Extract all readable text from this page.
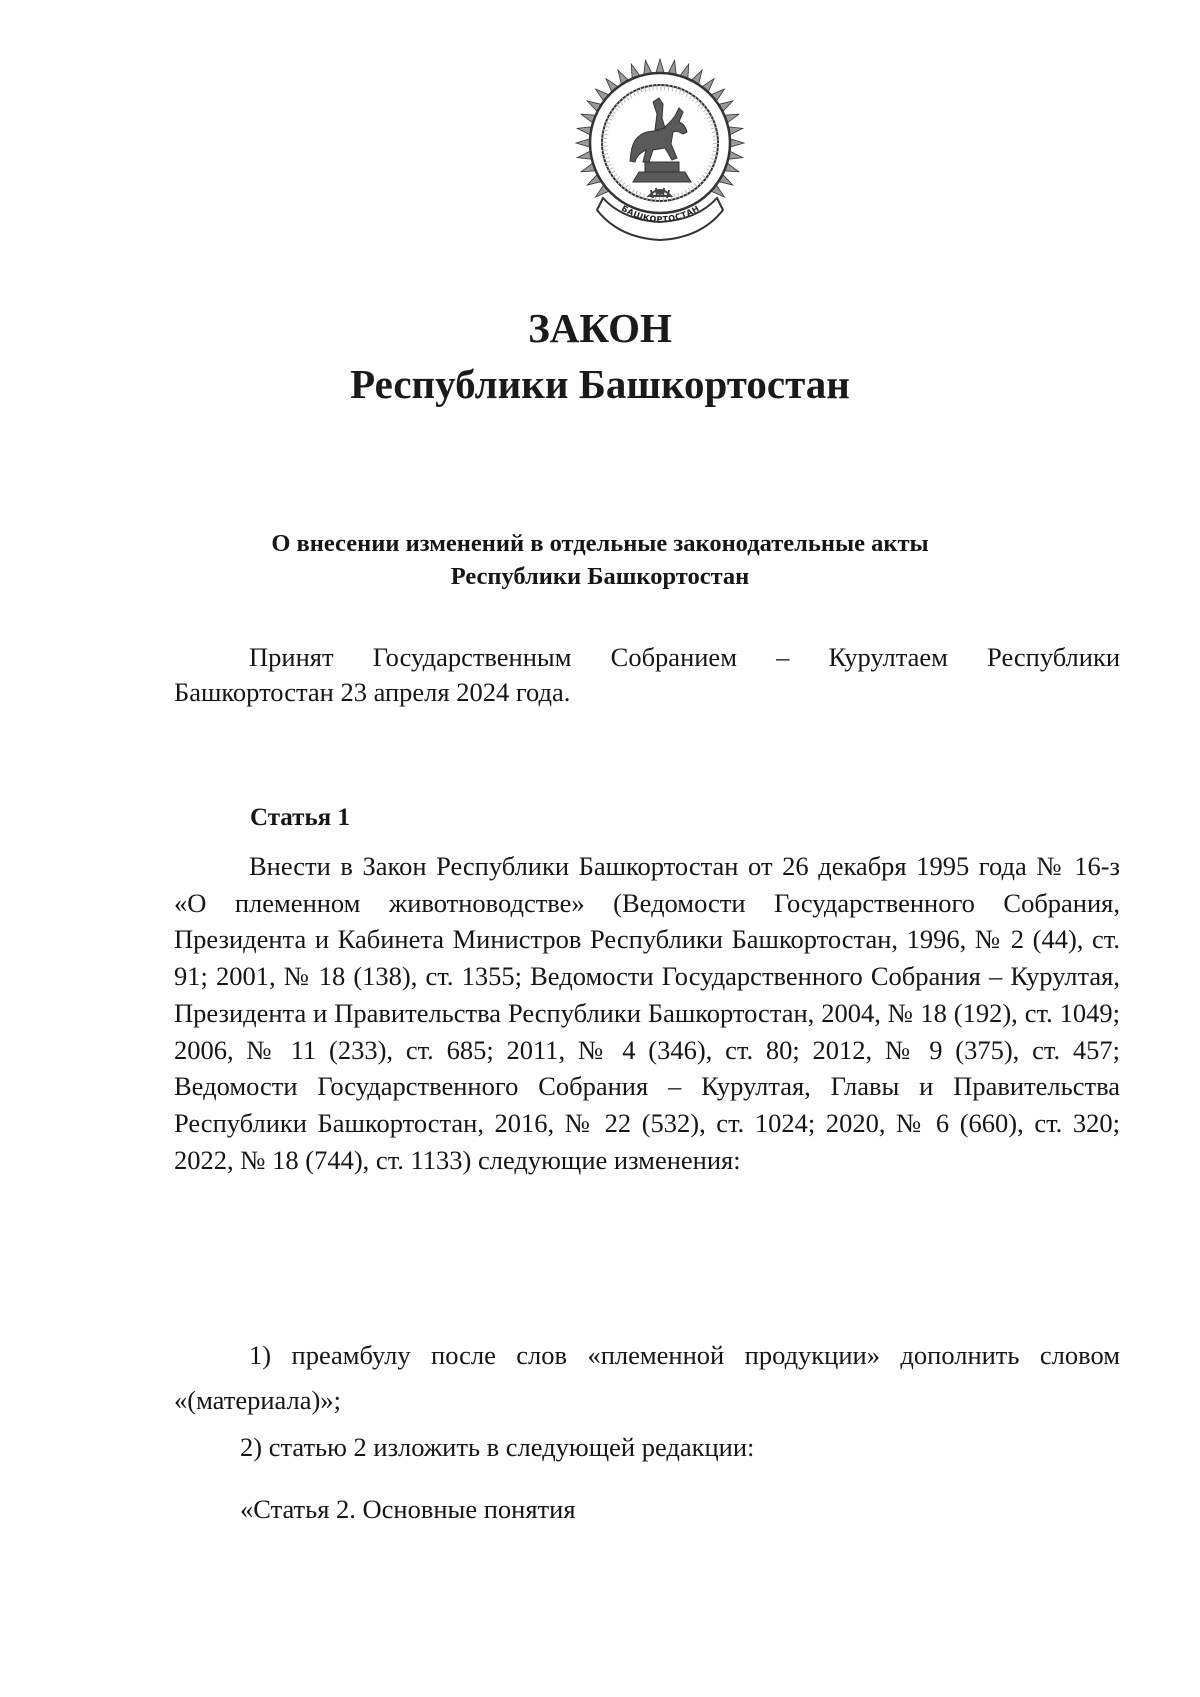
БАШКОРТОСТАН
ЗАКОН
Республики Башкортостан
О внесении изменений в отдельные законодательные акты
Республики Башкортостан
Принят Государственным Собранием – Курултаем Республики Башкортостан 23 апреля 2024 года.
Статья 1
Внести в Закон Республики Башкортостан от 26 декабря 1995 года № 16-з «О племенном животноводстве» (Ведомости Государственного Собрания, Президента и Кабинета Министров Республики Башкортостан, 1996, № 2 (44), ст. 91; 2001, № 18 (138), ст. 1355; Ведомости Государственного Собрания – Курултая, Президента и Правительства Республики Башкортостан, 2004, № 18 (192), ст. 1049; 2006, № 11 (233), ст. 685; 2011, № 4 (346), ст. 80; 2012, № 9 (375), ст. 457; Ведомости Государственного Собрания – Курултая, Главы и Правительства Республики Башкортостан, 2016, № 22 (532), ст. 1024; 2020, № 6 (660), ст. 320; 2022, № 18 (744), ст. 1133) следующие изменения:
1) преамбулу после слов «племенной продукции» дополнить словом «(материала)»;
2) статью 2 изложить в следующей редакции:
«Статья 2. Основные понятия
